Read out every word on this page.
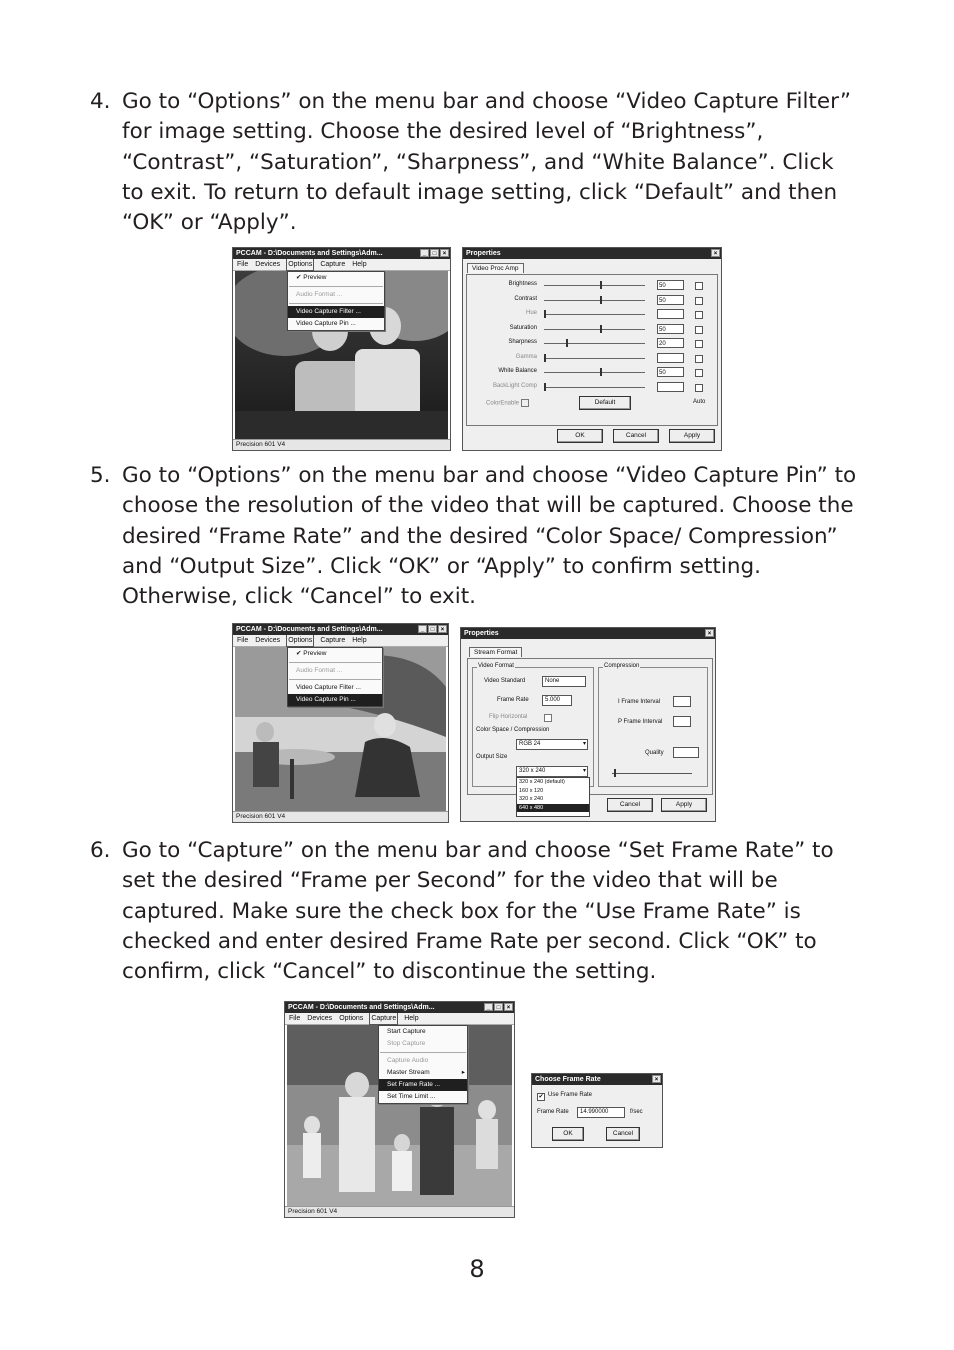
4. Go to “Options” on the menu bar and choose “Video Capture Filter” for image setting. Choose the desired level of “Brightness”, “Contrast”, “Saturation”, “Sharpness”, and “White Balance”. Click to exit. To return to default image setting, click “Default” and then “OK” or “Apply”.
PCCAM - D:\Documents and Settings\Adm...	_	□	×
File Devices Options Capture Help
✔ Preview
Audio Format ...
Video Capture Filter ...
Video Capture Pin ...
Precision 601 V4
Properties	×
Video Proc Amp
Brightness	50
Contrast	50
Hue
Saturation	50
Sharpness	20
Gamma
White Balance	50
BackLight Comp
ColorEnable	Default	Auto
OK	Cancel	Apply
5. Go to “Options” on the menu bar and choose “Video Capture Pin” to choose the resolution of the video that will be captured. Choose the desired “Frame Rate” and the desired “Color Space/ Compression” and “Output Size”. Click “OK” or “Apply” to confirm setting. Otherwise, click “Cancel” to exit.
PCCAM - D:\Documents and Settings\Adm...	_	□	×
File Devices Options Capture Help
✔ Preview
Audio Format ...
Video Capture Filter ...
Video Capture Pin ...
Precision 601 V4
Properties	×
Stream Format
Video Format	Compression
Video Standard	None
Frame Rate	5.000
Flip Horizontal
Color Space / Compression
RGB 24	▾
Output Size
320 x 240	▾
320 x 240 (default)
160 x 120
320 x 240
640 x 480
I Frame Interval
P Frame Interval
Quality
Cancel	Apply
6. Go to “Capture” on the menu bar and choose “Set Frame Rate” to set the desired “Frame per Second” for the video that will be captured. Make sure the check box for the “Use Frame Rate” is checked and enter desired Frame Rate per second. Click “OK” to confirm, click “Cancel” to discontinue the setting.
PCCAM - D:\Documents and Settings\Adm...	_	□	×
File Devices Options Capture Help
Start Capture
Stop Capture
Capture Audio
Master Stream	▸
Set Frame Rate ...
Set Time Limit ...
Precision 601 V4
Choose Frame Rate	×
✔ Use Frame Rate
Frame Rate	14.990000	f/sec
OK	Cancel
8
